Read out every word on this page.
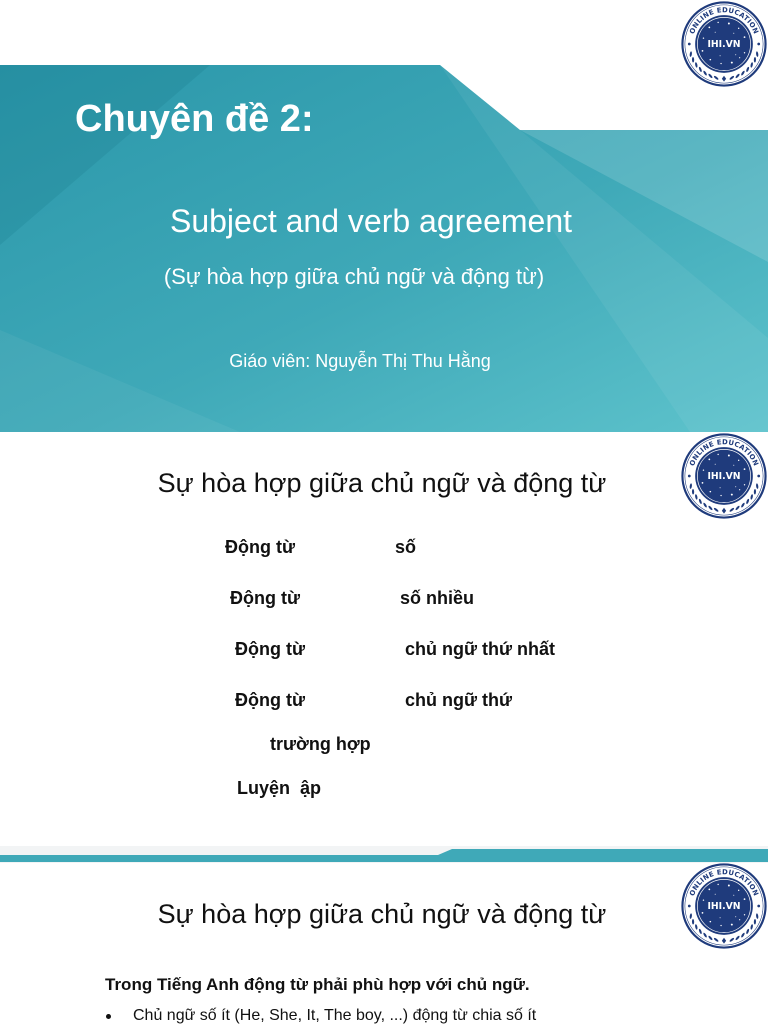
ONLINE EDUCATION
IHI.VN
Chuyên đề 2:
Subject and verb agreement
(Sự hòa hợp giữa chủ ngữ và động từ)
Giáo viên: Nguyễn Thị Thu Hằng
ONLINE EDUCATION
IHI.VN
Sự hòa hợp giữa chủ ngữ và động từ
Động từ	số
Động từ	số nhiều
Động từ	chủ ngữ thứ nhất
Động từ	chủ ngữ thứ
trường hợp
Luyện  ập
ONLINE EDUCATION
IHI.VN
Sự hòa hợp giữa chủ ngữ và động từ
Trong Tiếng Anh động từ phải phù hợp với chủ ngữ.
Chủ ngữ số ít (He, She, It, The boy, ...) động từ chia số ít
